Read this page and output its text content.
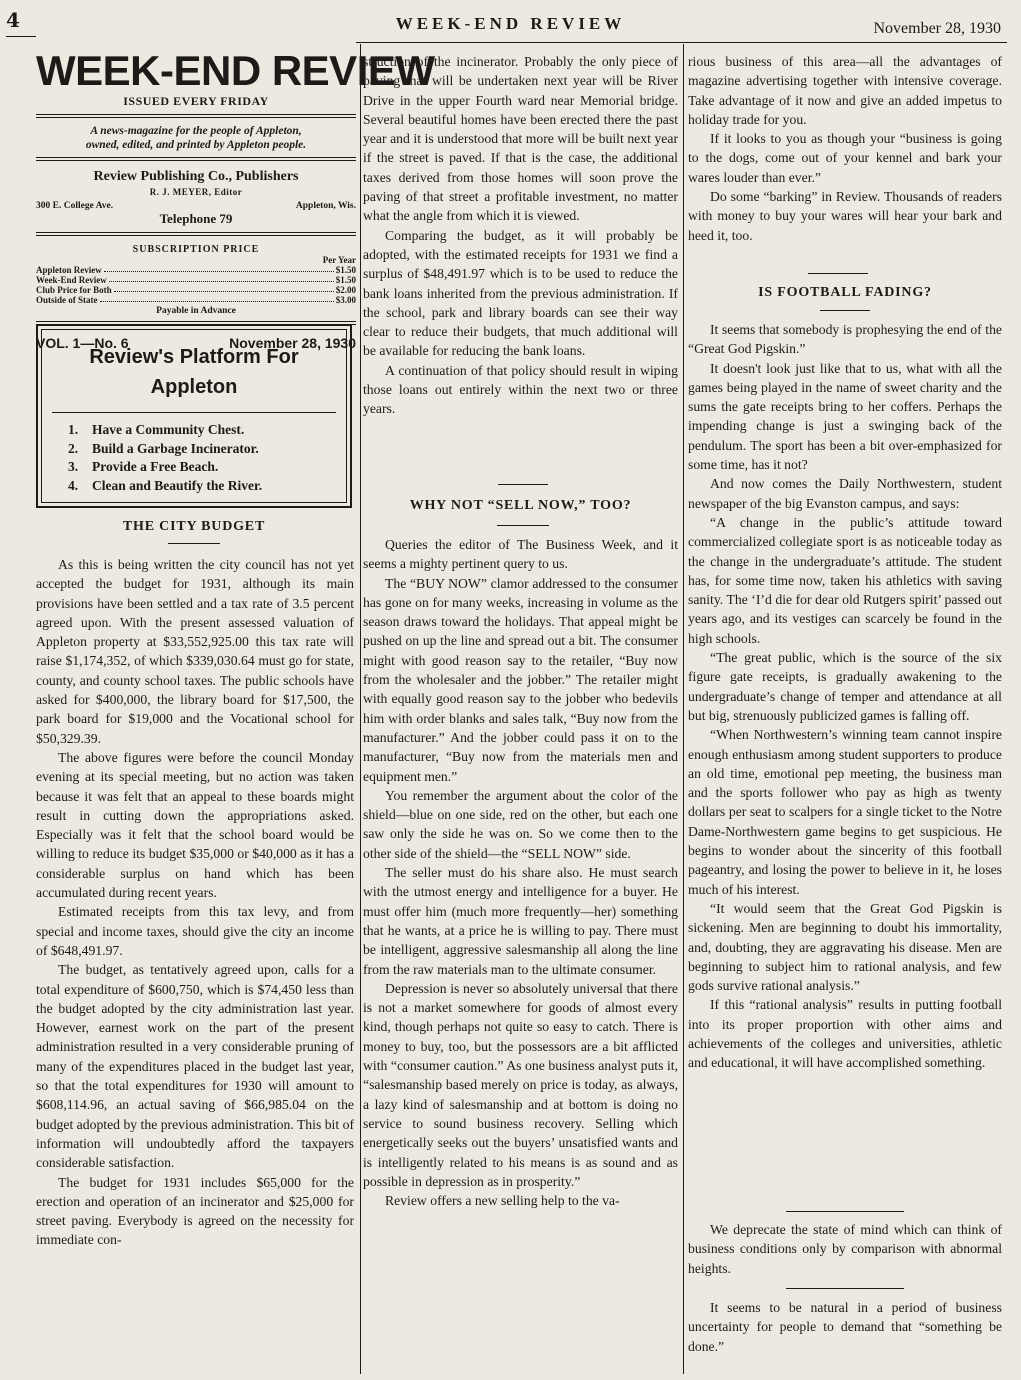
4	WEEK-END REVIEW	November 28, 1930
WEEK-END REVIEW
ISSUED EVERY FRIDAY
A news-magazine for the people of Appleton,
owned, edited, and printed by Appleton people.
Review Publishing Co., Publishers
R. J. MEYER, Editor
300 E. College Ave.	Appleton, Wis.
Telephone 79
SUBSCRIPTION PRICE
Per Year
Appleton Review	$1.50
Week-End Review	$1.50
Club Price for Both	$2.00
Outside of State	$3.00
Payable in Advance
VOL. 1—No. 6	November 28, 1930
Review's Platform For
Appleton
1. Have a Community Chest.
2. Build a Garbage Incinerator.
3. Provide a Free Beach.
4. Clean and Beautify the River.
THE CITY BUDGET

As this is being written the city council has not yet accepted the budget for 1931, although its main provisions have been settled and a tax rate of 3.5 percent agreed upon. With the present assessed valuation of Appleton property at $33,552,925.00 this tax rate will raise $1,174,352, of which $339,030.64 must go for state, county, and county school taxes. The public schools have asked for $400,000, the library board for $17,500, the park board for $19,000 and the Vocational school for $50,329.39.

The above figures were before the council Monday evening at its special meeting, but no action was taken because it was felt that an appeal to these boards might result in cutting down the appropriations asked. Especially was it felt that the school board would be willing to reduce its budget $35,000 or $40,000 as it has a considerable surplus on hand which has been accumulated during recent years.

Estimated receipts from this tax levy, and from special and income taxes, should give the city an income of $648,491.97.

The budget, as tentatively agreed upon, calls for a total expenditure of $600,750, which is $74,450 less than the budget adopted by the city administration last year. However, earnest work on the part of the present administration resulted in a very considerable pruning of many of the expenditures placed in the budget last year, so that the total expenditures for 1930 will amount to $608,114.96, an actual saving of $66,985.04 on the budget adopted by the previous administration. This bit of information will undoubtedly afford the taxpayers considerable satisfaction.

The budget for 1931 includes $65,000 for the erection and operation of an incinerator and $25,000 for street paving. Everybody is agreed on the necessity for immediate con-

struction of the incinerator. Probably the only piece of paving that will be undertaken next year will be River Drive in the upper Fourth ward near Memorial bridge. Several beautiful homes have been erected there the past year and it is understood that more will be built next year if the street is paved. If that is the case, the additional taxes derived from those homes will soon prove the paving of that street a profitable investment, no matter what the angle from which it is viewed.

Comparing the budget, as it will probably be adopted, with the estimated receipts for 1931 we find a surplus of $48,491.97 which is to be used to reduce the bank loans inherited from the previous administration. If the school, park and library boards can see their way clear to reduce their budgets, that much additional will be available for reducing the bank loans.

A continuation of that policy should result in wiping those loans out entirely within the next two or three years.

WHY NOT “SELL NOW,” TOO?

Queries the editor of The Business Week, and it seems a mighty pertinent query to us.

The “BUY NOW” clamor addressed to the consumer has gone on for many weeks, increasing in volume as the season draws toward the holidays. That appeal might be pushed on up the line and spread out a bit. The consumer might with good reason say to the retailer, “Buy now from the wholesaler and the jobber.” The retailer might with equally good reason say to the jobber who bedevils him with order blanks and sales talk, “Buy now from the manufacturer.” And the jobber could pass it on to the manufacturer, “Buy now from the materials men and equipment men.”

You remember the argument about the color of the shield—blue on one side, red on the other, but each one saw only the side he was on. So we come then to the other side of the shield—the “SELL NOW” side.

The seller must do his share also. He must search with the utmost energy and intelligence for a buyer. He must offer him (much more frequently—her) something that he wants, at a price he is willing to pay. There must be intelligent, aggressive salesmanship all along the line from the raw materials man to the ultimate consumer.

Depression is never so absolutely universal that there is not a market somewhere for goods of almost every kind, though perhaps not quite so easy to catch. There is money to buy, too, but the possessors are a bit afflicted with “consumer caution.” As one business analyst puts it, “salesmanship based merely on price is today, as always, a lazy kind of salesmanship and at bottom is doing no service to sound business recovery. Selling which energetically seeks out the buyers’ unsatisfied wants and is intelligently related to his means is as sound and as possible in depression as in prosperity.”

Review offers a new selling help to the va-

rious business of this area—all the advantages of magazine advertising together with intensive coverage. Take advantage of it now and give an added impetus to holiday trade for you.

If it looks to you as though your “business is going to the dogs, come out of your kennel and bark your wares louder than ever.”

Do some “barking” in Review. Thousands of readers with money to buy your wares will hear your bark and heed it, too.

IS FOOTBALL FADING?

It seems that somebody is prophesying the end of the “Great God Pigskin.”

It doesn't look just like that to us, what with all the games being played in the name of sweet charity and the sums the gate receipts bring to her coffers. Perhaps the impending change is just a swinging back of the pendulum. The sport has been a bit over-emphasized for some time, has it not?

And now comes the Daily Northwestern, student newspaper of the big Evanston campus, and says:

“A change in the public’s attitude toward commercialized collegiate sport is as noticeable today as the change in the undergraduate’s attitude. The student has, for some time now, taken his athletics with saving sanity. The ‘I’d die for dear old Rutgers spirit’ passed out years ago, and its vestiges can scarcely be found in the high schools.

“The great public, which is the source of the six figure gate receipts, is gradually awakening to the undergraduate’s change of temper and attendance at all but big, strenuously publicized games is falling off.

“When Northwestern’s winning team cannot inspire enough enthusiasm among student supporters to produce an old time, emotional pep meeting, the business man and the sports follower who pay as high as twenty dollars per seat to scalpers for a single ticket to the Notre Dame-Northwestern game begins to get suspicious. He begins to wonder about the sincerity of this football pageantry, and losing the power to believe in it, he loses much of his interest.

“It would seem that the Great God Pigskin is sickening. Men are beginning to doubt his immortality, and, doubting, they are aggravating his disease. Men are beginning to subject him to rational analysis, and few gods survive rational analysis.”

If this “rational analysis” results in putting football into its proper proportion with other aims and achievements of the colleges and universities, athletic and educational, it will have accomplished something.

We deprecate the state of mind which can think of business conditions only by comparison with abnormal heights.

It seems to be natural in a period of business uncertainty for people to demand that “something be done.”
